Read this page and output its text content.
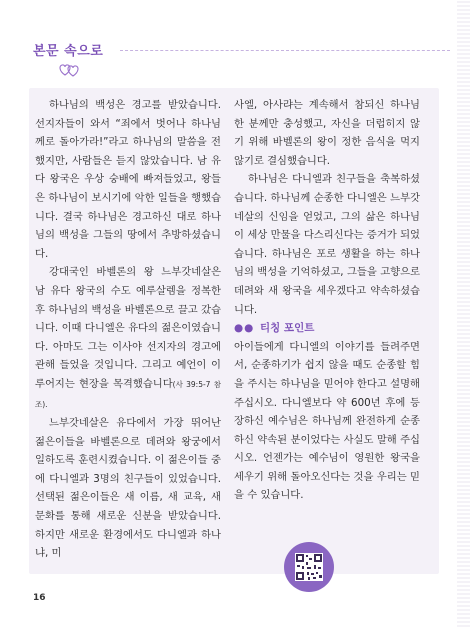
본문 속으로

하나님의 백성은 경고를 받았습니다. 선지자들이 와서 “죄에서 벗어나 하나님께로 돌아가라!”라고 하나님의 말씀을 전했지만, 사람들은 듣지 않았습니다. 남 유다 왕국은 우상 숭배에 빠져들었고, 왕들은 하나님이 보시기에 악한 일들을 행했습니다. 결국 하나님은 경고하신 대로 하나님의 백성을 그들의 땅에서 추방하셨습니다.

강대국인 바벨론의 왕 느부갓네살은 남 유다 왕국의 수도 예루살렘을 정복한 후 하나님의 백성을 바벨론으로 끌고 갔습니다. 이때 다니엘은 유다의 젊은이였습니다. 아마도 그는 이사야 선지자의 경고에 관해 들었을 것입니다. 그리고 예언이 이루어지는 현장을 목격했습니다(사 39:5-7 참조).

느부갓네살은 유다에서 가장 뛰어난 젊은이들을 바벨론으로 데려와 왕궁에서 일하도록 훈련시켰습니다. 이 젊은이들 중에 다니엘과 3명의 친구들이 있었습니다. 선택된 젊은이들은 새 이름, 새 교육, 새 문화를 통해 새로운 신분을 받았습니다. 하지만 새로운 환경에서도 다니엘과 하나냐, 미

사엘, 아사랴는 계속해서 참되신 하나님 한 분께만 충성했고, 자신을 더럽히지 않기 위해 바벨론의 왕이 정한 음식을 먹지 않기로 결심했습니다.

하나님은 다니엘과 친구들을 축복하셨습니다. 하나님께 순종한 다니엘은 느부갓네살의 신임을 얻었고, 그의 삶은 하나님이 세상 만물을 다스리신다는 증거가 되었습니다. 하나님은 포로 생활을 하는 하나님의 백성을 기억하셨고, 그들을 고향으로 데려와 새 왕국을 세우겠다고 약속하셨습니다.

●● 티칭 포인트

아이들에게 다니엘의 이야기를 들려주면서, 순종하기가 쉽지 않을 때도 순종할 힘을 주시는 하나님을 믿어야 한다고 설명해 주십시오. 다니엘보다 약 600년 후에 등장하신 예수님은 하나님께 완전하게 순종하신 약속된 분이었다는 사실도 말해 주십시오. 언젠가는 예수님이 영원한 왕국을 세우기 위해 돌아오신다는 것을 우리는 믿을 수 있습니다.

16
